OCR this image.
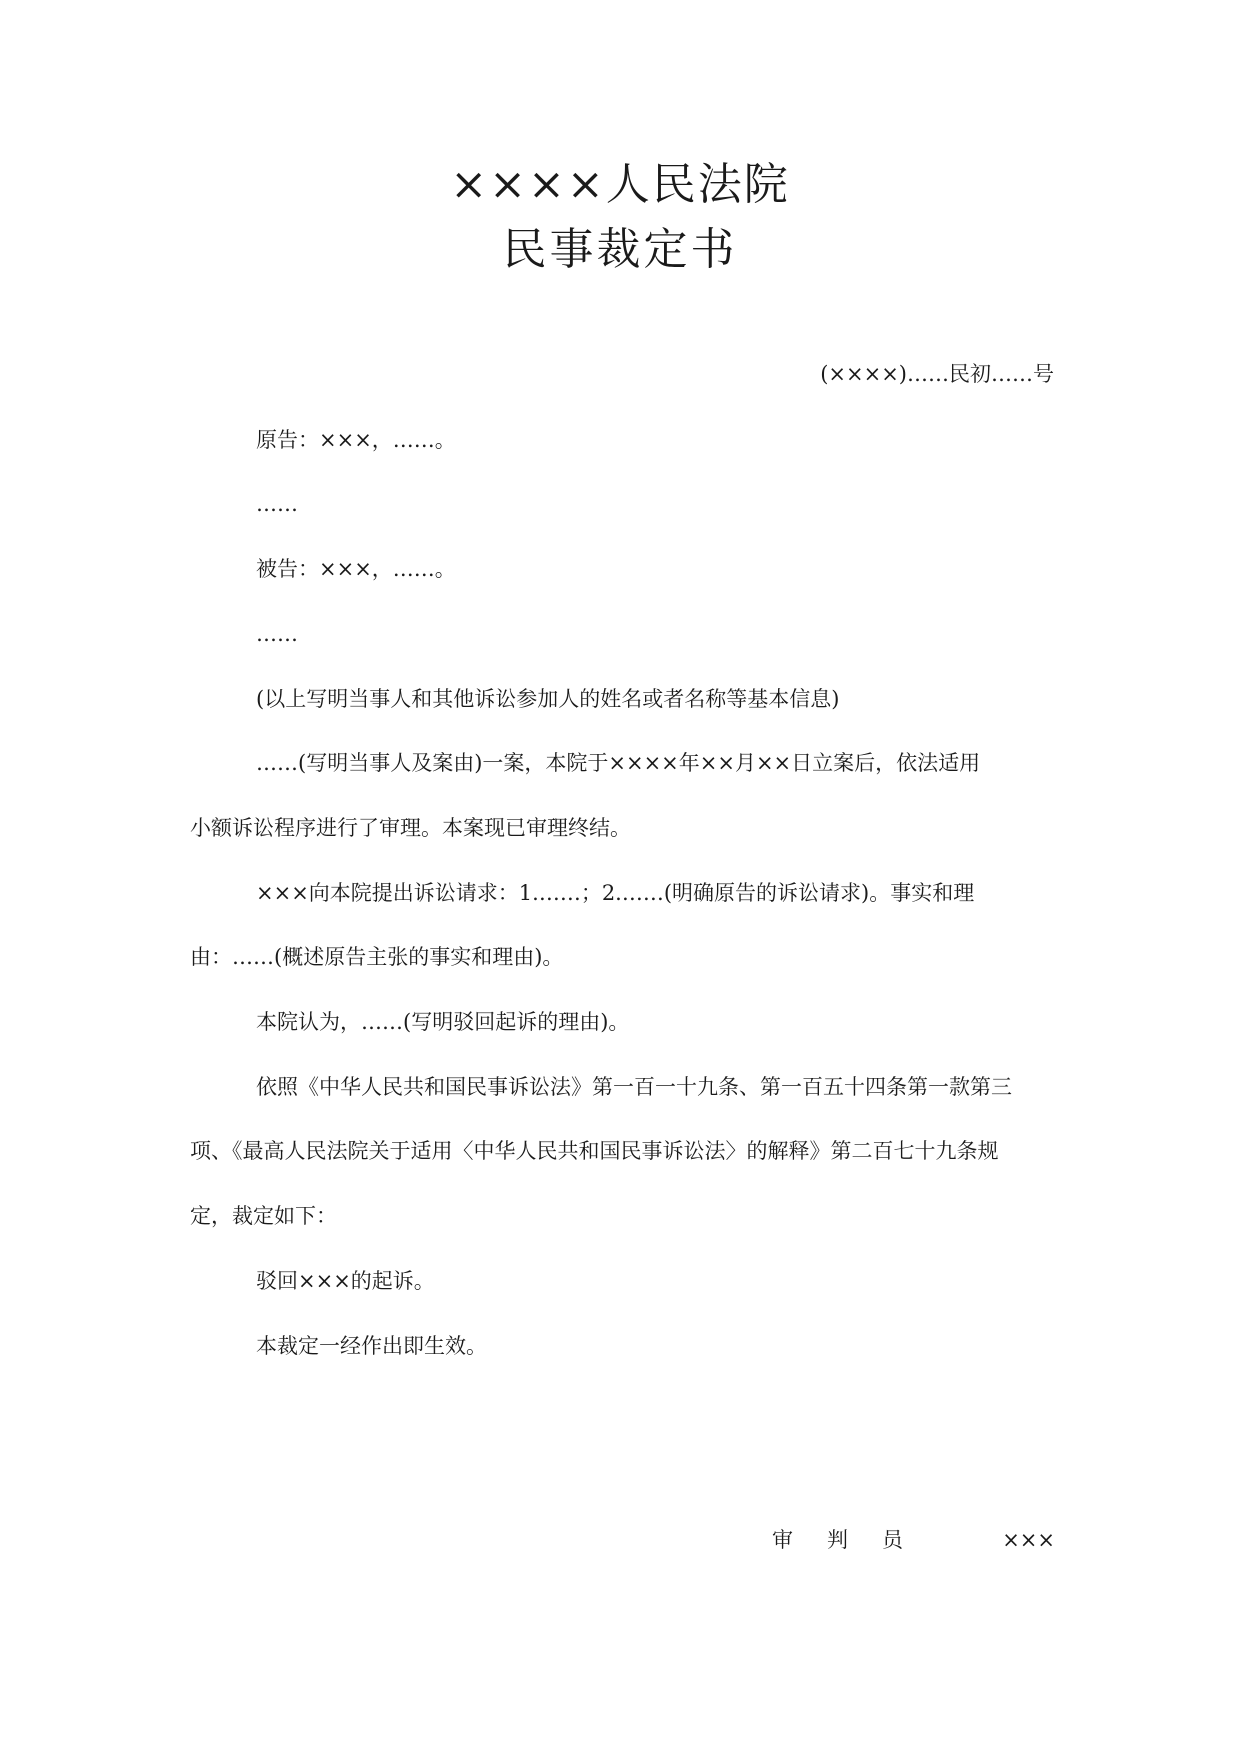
××××人民法院
民事裁定书
(××××)……民初……号
原告：×××，……。
……
被告：×××，……。
……
(以上写明当事人和其他诉讼参加人的姓名或者名称等基本信息)
……(写明当事人及案由)一案，本院于××××年××月××日立案后，依法适用
小额诉讼程序进行了审理。本案现已审理终结。
×××向本院提出诉讼请求：1.……；2.……(明确原告的诉讼请求)。事实和理
由：……(概述原告主张的事实和理由)。
本院认为，……(写明驳回起诉的理由)。
依照《中华人民共和国民事诉讼法》第一百一十九条、第一百五十四条第一款第三
项、《最高人民法院关于适用〈中华人民共和国民事诉讼法〉的解释》第二百七十九条规
定，裁定如下：
驳回×××的起诉。
本裁定一经作出即生效。
审判员	×××
